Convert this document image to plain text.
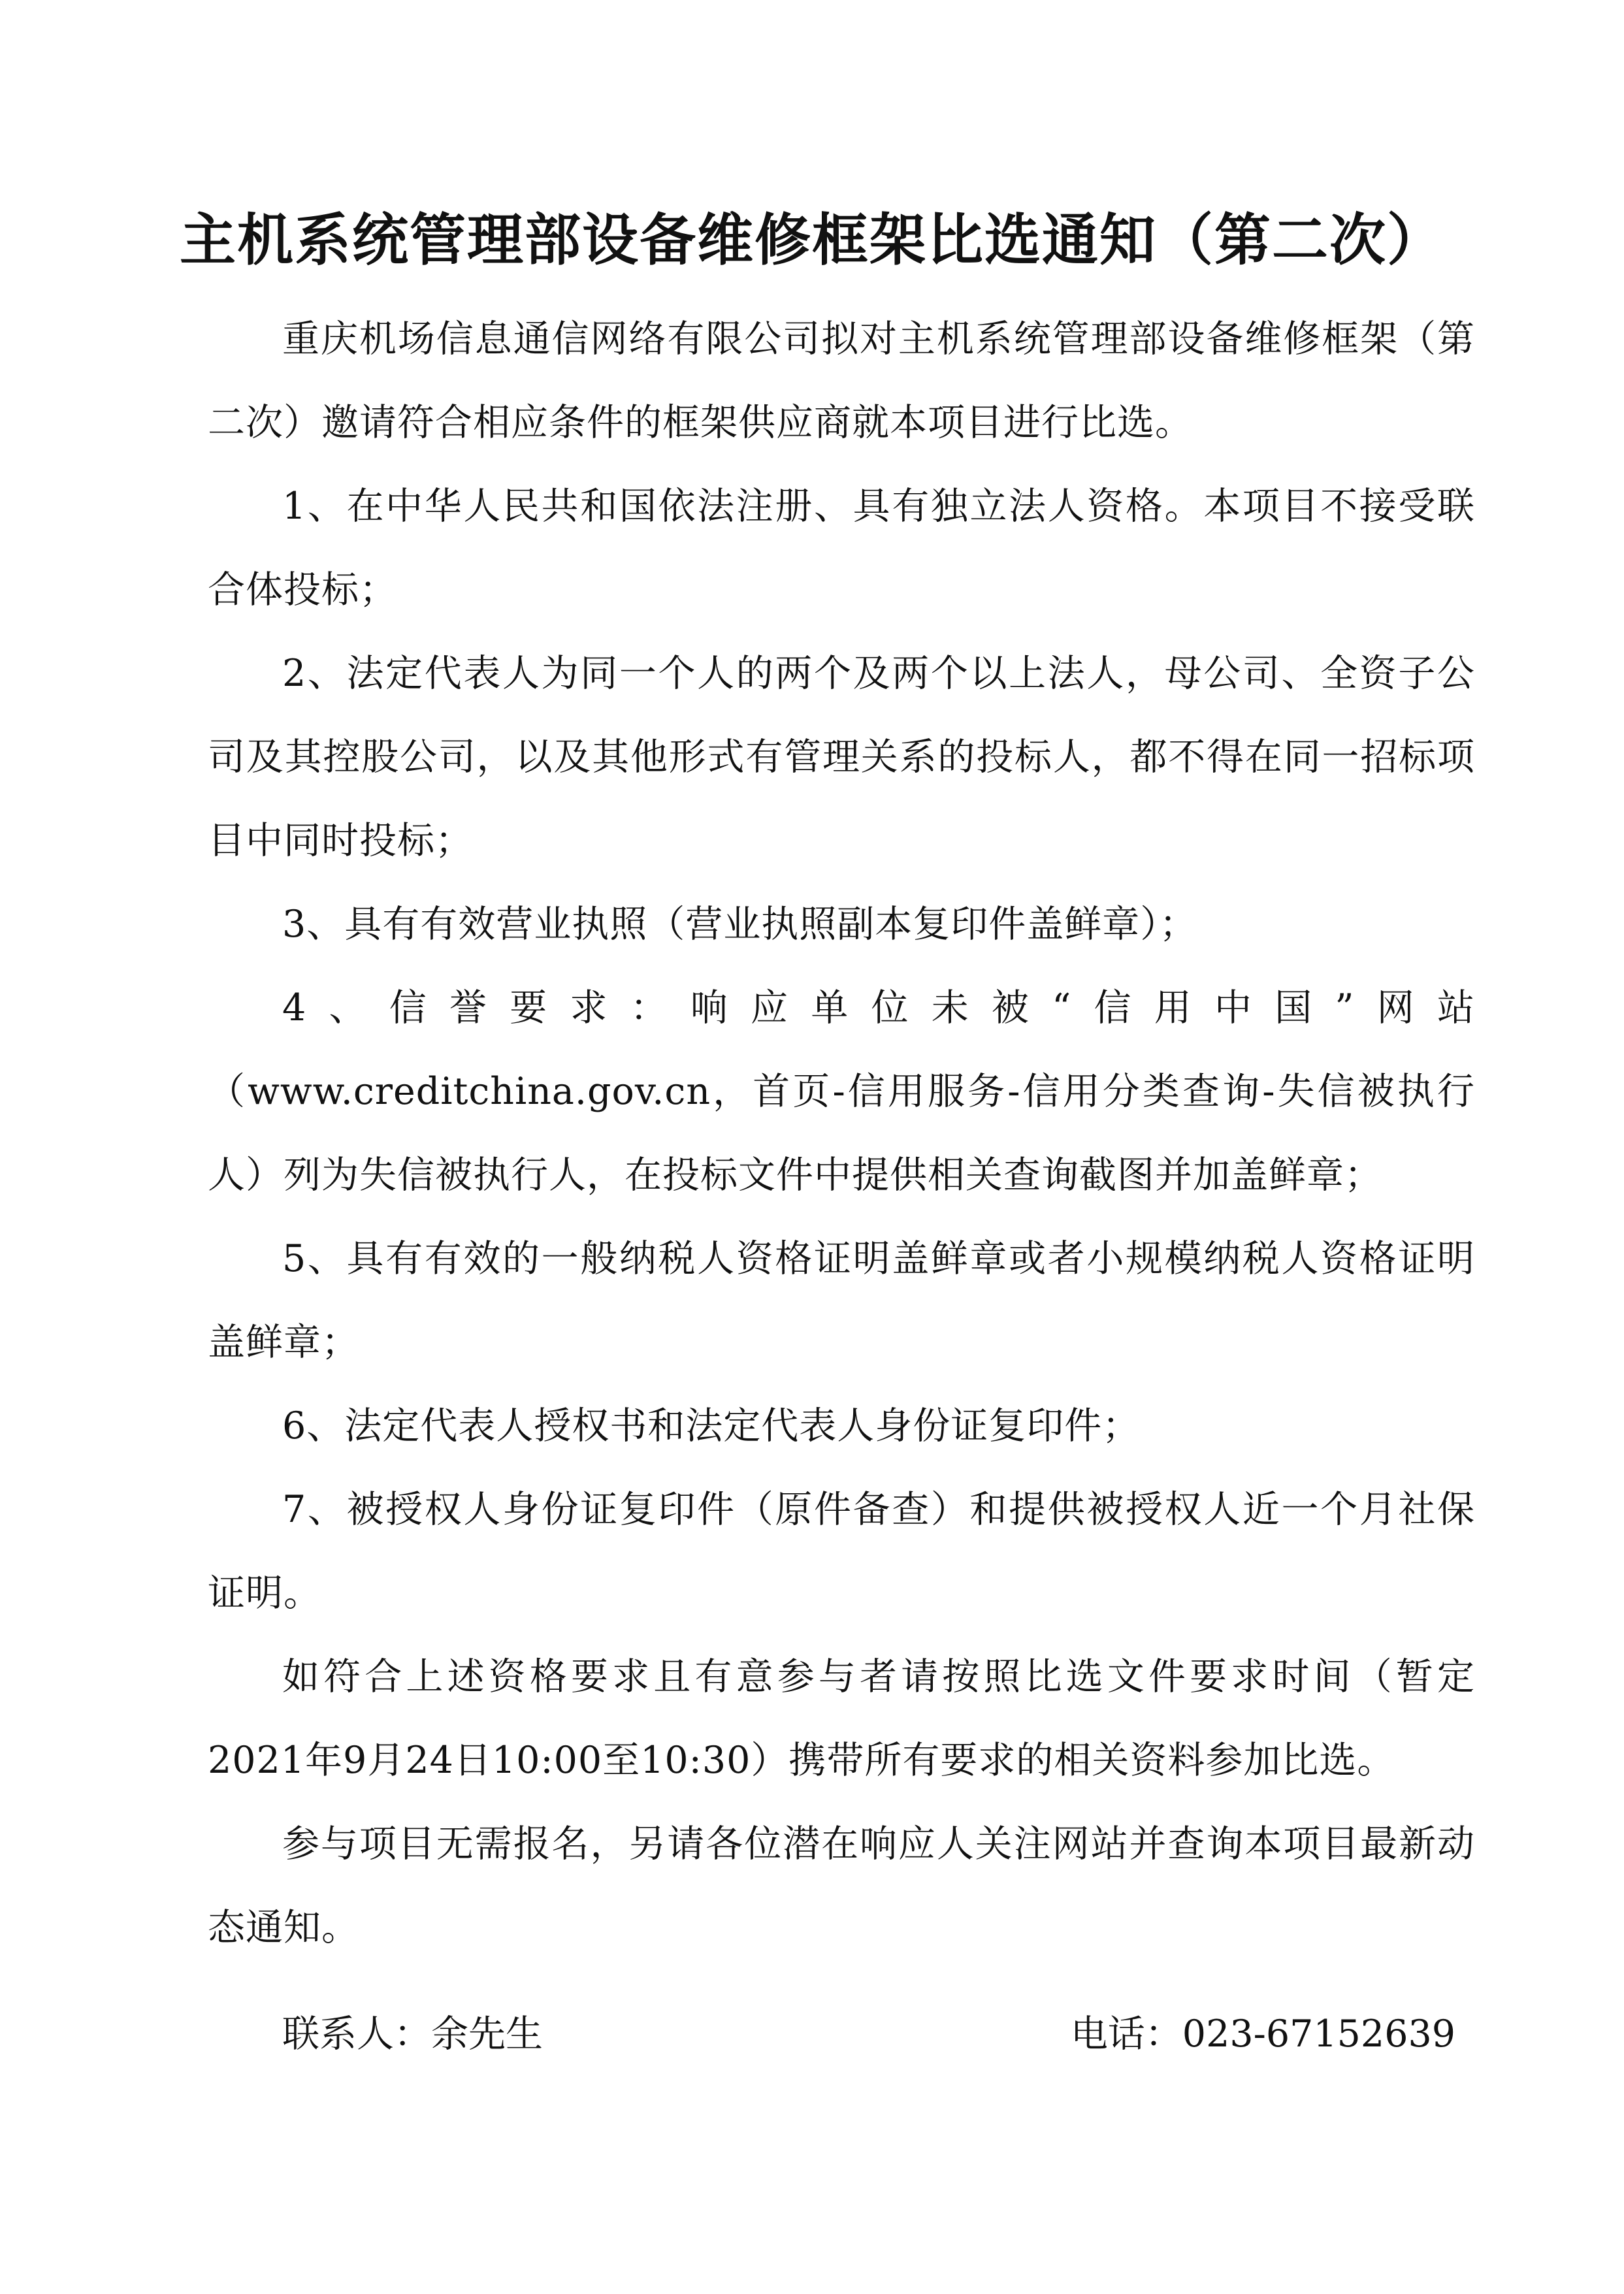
主机系统管理部设备维修框架比选通知（第二次）

重庆机场信息通信网络有限公司拟对主机系统管理部设备维修框架（第二次）邀请符合相应条件的框架供应商就本项目进行比选。

1、在中华人民共和国依法注册、具有独立法人资格。本项目不接受联合体投标；

2、法定代表人为同一个人的两个及两个以上法人，母公司、全资子公司及其控股公司，以及其他形式有管理关系的投标人，都不得在同一招标项目中同时投标；

3、具有有效营业执照（营业执照副本复印件盖鲜章）；

4、信誉要求：响应单位未被“信用中国”网站（www.creditchina.gov.cn，首页-信用服务-信用分类查询-失信被执行人）列为失信被执行人，在投标文件中提供相关查询截图并加盖鲜章；

5、具有有效的一般纳税人资格证明盖鲜章或者小规模纳税人资格证明盖鲜章；

6、法定代表人授权书和法定代表人身份证复印件；

7、被授权人身份证复印件（原件备查）和提供被授权人近一个月社保证明。

如符合上述资格要求且有意参与者请按照比选文件要求时间（暂定2021年9月24日10:00至10:30）携带所有要求的相关资料参加比选。

参与项目无需报名，另请各位潜在响应人关注网站并查询本项目最新动态通知。

联系人：余先生	电话：023-67152639
